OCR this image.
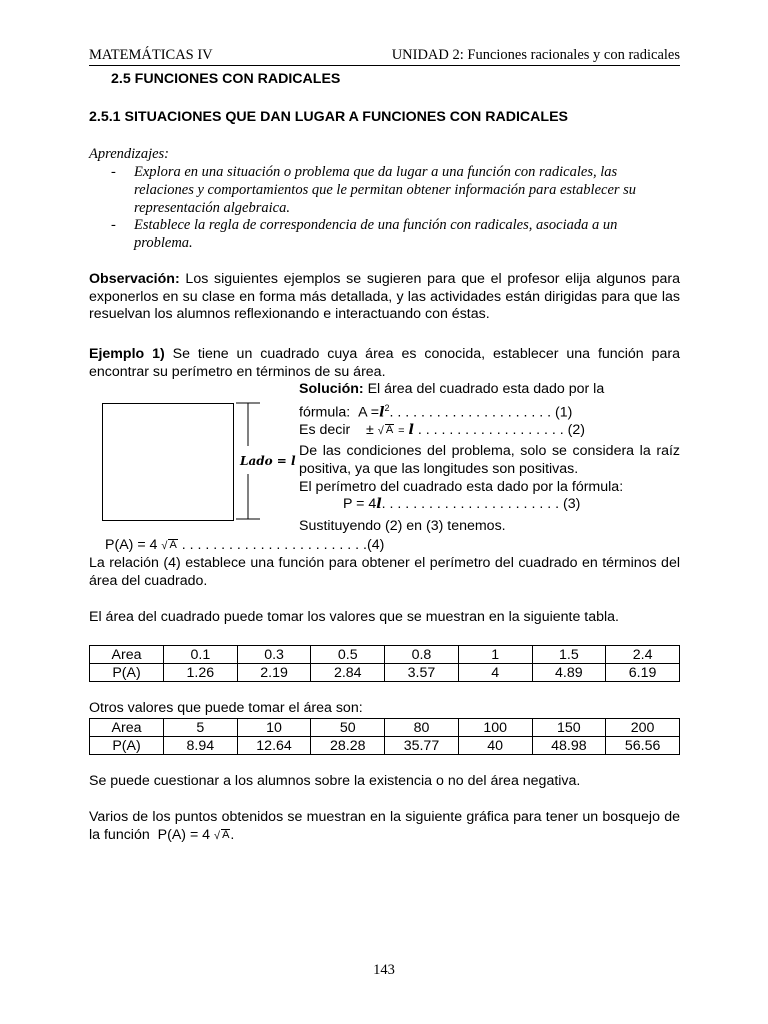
MATEMÁTICAS IV	UNIDAD 2: Funciones racionales y con radicales
2.5 FUNCIONES CON RADICALES
2.5.1 SITUACIONES QUE DAN LUGAR A FUNCIONES CON RADICALES
Aprendizajes:
- Explora en una situación o problema que da lugar a una función con radicales, las relaciones y comportamientos que le permitan obtener información para establecer su representación algebraica.
- Establece la regla de correspondencia de una función con radicales, asociada a un problema.
Observación: Los siguientes ejemplos se sugieren para que el profesor elija algunos para exponerlos en su clase en forma más detallada, y las actividades están dirigidas para que las resuelvan los alumnos reflexionando e interactuando con éstas.
Ejemplo 1) Se tiene un cuadrado cuya área es conocida, establecer una función para encontrar su perímetro en términos de su área.
Lado = l
Solución: El área del cuadrado esta dado por la
fórmula: $A =l^2$. . . . . . . . . . . . . . . . . . . . . (1)
Es decir ± √ A = l . . . . . . . . . . . . . . . . . . . (2)
De las condiciones del problema, solo se considera la raíz positiva, ya que las longitudes son positivas.
El perímetro del cuadrado esta dado por la fórmula:
P = 4l. . . . . . . . . . . . . . . . . . . . . . . (3)
Sustituyendo (2) en (3) tenemos.
P(A) = 4 √ A . . . . . . . . . . . . . . . . . . . . . . . .(4)
La relación (4) establece una función para obtener el perímetro del cuadrado en términos del área del cuadrado.
El área del cuadrado puede tomar los valores que se muestran en la siguiente tabla.
Area	0.1	0.3	0.5	0.8	1	1.5	2.4
P(A)	1.26	2.19	2.84	3.57	4	4.89	6.19
Otros valores que puede tomar el área son:
Area	5	10	50	80	100	150	200
P(A)	8.94	12.64	28.28	35.77	40	48.98	56.56
Se puede cuestionar a los alumnos sobre la existencia o no del área negativa.
Varios de los puntos obtenidos se muestran en la siguiente gráfica para tener un bosquejo de la función P(A) = 4 √ A.
143
